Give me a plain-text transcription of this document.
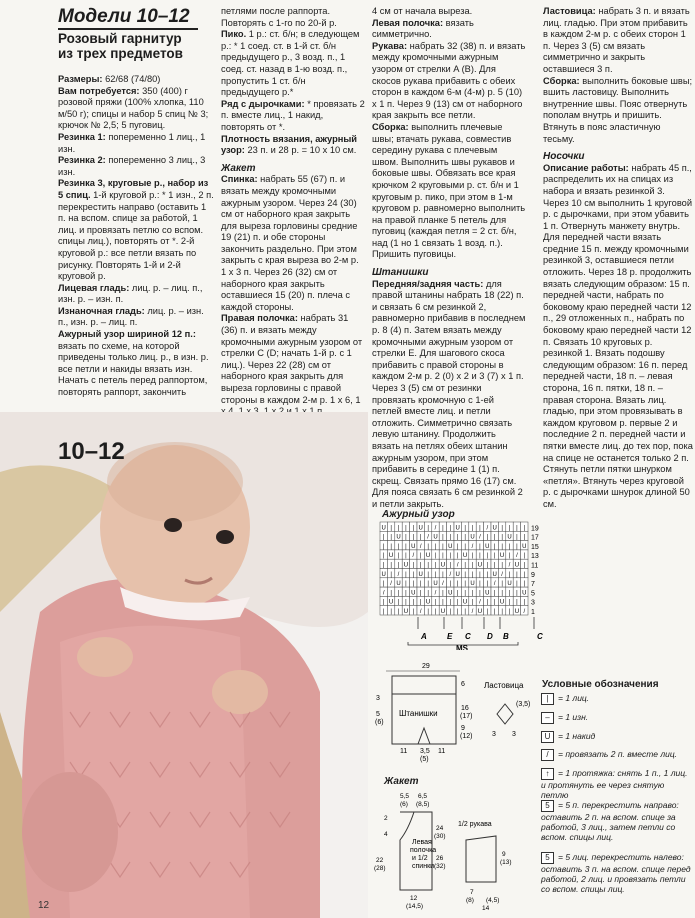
Модели 10–12
Розовый гарнитур
из трех предметов

Размеры: 62/68 (74/80)

Вам потребуется: 350 (400) г розовой пряжи (100% хлопка, 110 м/50 г); спицы и набор 5 спиц № 3; крючок № 2,5; 5 пуговиц.

Резинка 1: попеременно 1 лиц., 1 изн.

Резинка 2: попеременно 3 лиц., 3 изн.

Резинка 3, круговые р., набор из 5 спиц. 1-й круговой р.: * 1 изн., 2 п. перекрестить направо (оставить 1 п. на вспом. спице за работой, 1 лиц. и провязать петлю со вспом. спицы лиц.), повторять от *. 2-й круговой р.: все петли вязать по рисунку. Повторять 1-й и 2-й круговой р.

Лицевая гладь: лиц. р. – лиц. п., изн. р. – изн. п.

Изнаночная гладь: лиц. р. – изн. п., изн. р. – лиц. п.

Ажурный узор шириной 12 п.: вязать по схеме, на которой приведены только лиц. р., в изн. р. все петли и накиды вязать изн. Начать с петель перед раппортом, повторять раппорт, закончить

петлями после раппорта. Повторять с 1-го по 20-й р.

Пико. 1 р.: ст. б/н; в следующем р.: * 1 соед. ст. в 1-й ст. б/н предыдущего р., 3 возд. п., 1 соед. ст. назад в 1-ю возд. п., пропустить 1 ст. б/н предыдущего р.*

Ряд с дырочками: * провязать 2 п. вместе лиц., 1 накид, повторять от *.

Плотность вязания, ажурный узор: 23 п. и 28 р. = 10 х 10 см.

Жакет

Спинка: набрать 55 (67) п. и вязать между кромочными ажурным узором. Через 24 (30) см от наборного края закрыть для выреза горловины средние 19 (21) п. и обе стороны закончить раздельно. При этом закрыть с края выреза во 2-м р. 1 х 3 п. Через 26 (32) см от наборного края закрыть оставшиеся 15 (20) п. плеча с каждой стороны.

Правая полочка: набрать 31 (36) п. и вязать между кромочными ажурным узором от стрелки C (D; начать 1-й р. с 1 лиц.). Через 22 (28) см от наборного края закрыть для выреза горловины с правой стороны в каждом 2-м р. 1 х 6, 1

4 см от начала выреза.

Левая полочка: вязать симметрично.

Рукава: набрать 32 (38) п. и вязать между кромочными ажурным узором от стрелки A (B). Для скосов рукава прибавить с обеих сторон в каждом 6-м (4-м) р. 5 (10) х 1 п. Через 9 (13) см от наборного края закрыть все петли.

Сборка: выполнить плечевые швы; втачать рукава, совместив середину рукава с плечевым швом. Выполнить швы рукавов и боковые швы. Обвязать все края крючком 2 круговыми р. ст. б/н и 1 круговым р. пико, при этом в 1-м круговом р. равномерно выполнить на правой планке 5 петель для пуговиц (каждая петля = 2 ст. б/н, над (1 но 1 связать 1 возд. п.). Пришить пуговицы.

Штанишки

Передняя/задняя часть: для правой штанины набрать 18 (22) п. и связать 6 см резинкой 2, равномерно прибавив в последнем р. 8 (4) п. Затем вязать между кромочными ажурным узором от стрелки E. Для шагового скоса прибавить с правой стороны в каждом 2-м р. 2 (0) х 2 и 3 (7) х 1 п. Через 3 (5) см от резинки провязать кромочную с 1-ей петлей вместе лиц. и петли отложить. Симметрично связать левую штанину. Продолжить вязать на петлях обеих штанин ажурным узором, при этом прибавить в середине 1 (1) п. скрещ. Связать прямо 16 (17) см. Для пояса связать 6 см резинкой 2 и петли закрыть.

Ластовица: набрать 3 п. и вязать лиц. гладью. При этом прибавить в каждом 2-м р. с обеих сторон 1 п. Через 3 (5) см вязать симметрично и закрыть оставшиеся 3 п.

Сборка: выполнить боковые швы; вшить ластовицу. Выполнить внутренние швы. Пояс отвернуть пополам внутрь и пришить. Втянуть в пояс эластичную тесьму.

Носочки

Описание работы: набрать 45 п., распределить их на спицах из набора и вязать резинкой 3. Через 10 см выполнить 1 круговой р. с дырочками, при этом убавить 1 п. Отвернуть манжету внутрь. Для передней части вязать средние 15 п. между кромочными резинкой 3, оставшиеся петли отложить. Через 18 р. продолжить вязать следующим образом: 15 п. передней части, набрать по боковому краю передней части 12 п., 29 отложенных п., набрать по боковому краю передней части 12 п. Связать 10 круговых р. резинкой 1. Вязать подошву следующим образом: 16 п. перед передней части, 18 п. – левая сторона, 16 п. пятки, 18 п. – правая сторона. Вязать лиц. гладью, при этом провязывать в каждом круговом р. первые 2 и последние 2 п. передней части и пятки вместе лиц. до тех пор, пока на спице не останется только 2 п. Стянуть петли пятки шнурком «петля». Втянуть через круговой р. с дырочками шнурок длиной 50 см.

10–12
12
Ажурный узор
U | | | | U | / | | U | | | / U | | | |
| | U | | | / U | | | | U / | | | U | |
| | | | U / | | | U | | / | U | | | | U
| U | | / | U | | | | U | | | | U | / |
| | | U | | | | U | / | | U | | | / U |
U | / | | U | | | / U | | | | U / | | |
| / U | | | | U / | | | U | | / | U | |
/ | | | U | | / | U | | | | U | | | | U
| U | | | | U | | | | U | / | | U | | |
| | | U | / | | U | | | / U | | | | U /
19
17
15
13
11
9
7
5
3
1
A	E C D B	C
MS
29
Штанишки
6
16
(17)
9
(12)
11 3,5
(5)
3
5
(6)
11
Ластовица
3 3
(3,5)
Жакет
5,5 6,5
(6) (8,5)
Левая
полочка
и 1/2
спинки
2
4
22
(28)
12
(14,5)
24
(30)
26
(32)
1/2 рукава
9
(13)
7
(8) (4,5)
14
Условные обозначения
| = 1 лиц.
– = 1 изн.
U = 1 накид
/ = провязать 2 п. вместе лиц.
↑ = 1 протяжка: снять 1 п., 1 лиц. и протянуть ее через снятую петлю
5 = 5 п. перекрестить направо: оставить 2 п. на вспом. спице за работой, 3 лиц., затем петли со вспом. спицы лиц.
5 = 5 лиц. перекрестить налево: оставить 3 п. на вспом. спице перед работой, 2 лиц. и провязать петли со вспом. спицы лиц.
